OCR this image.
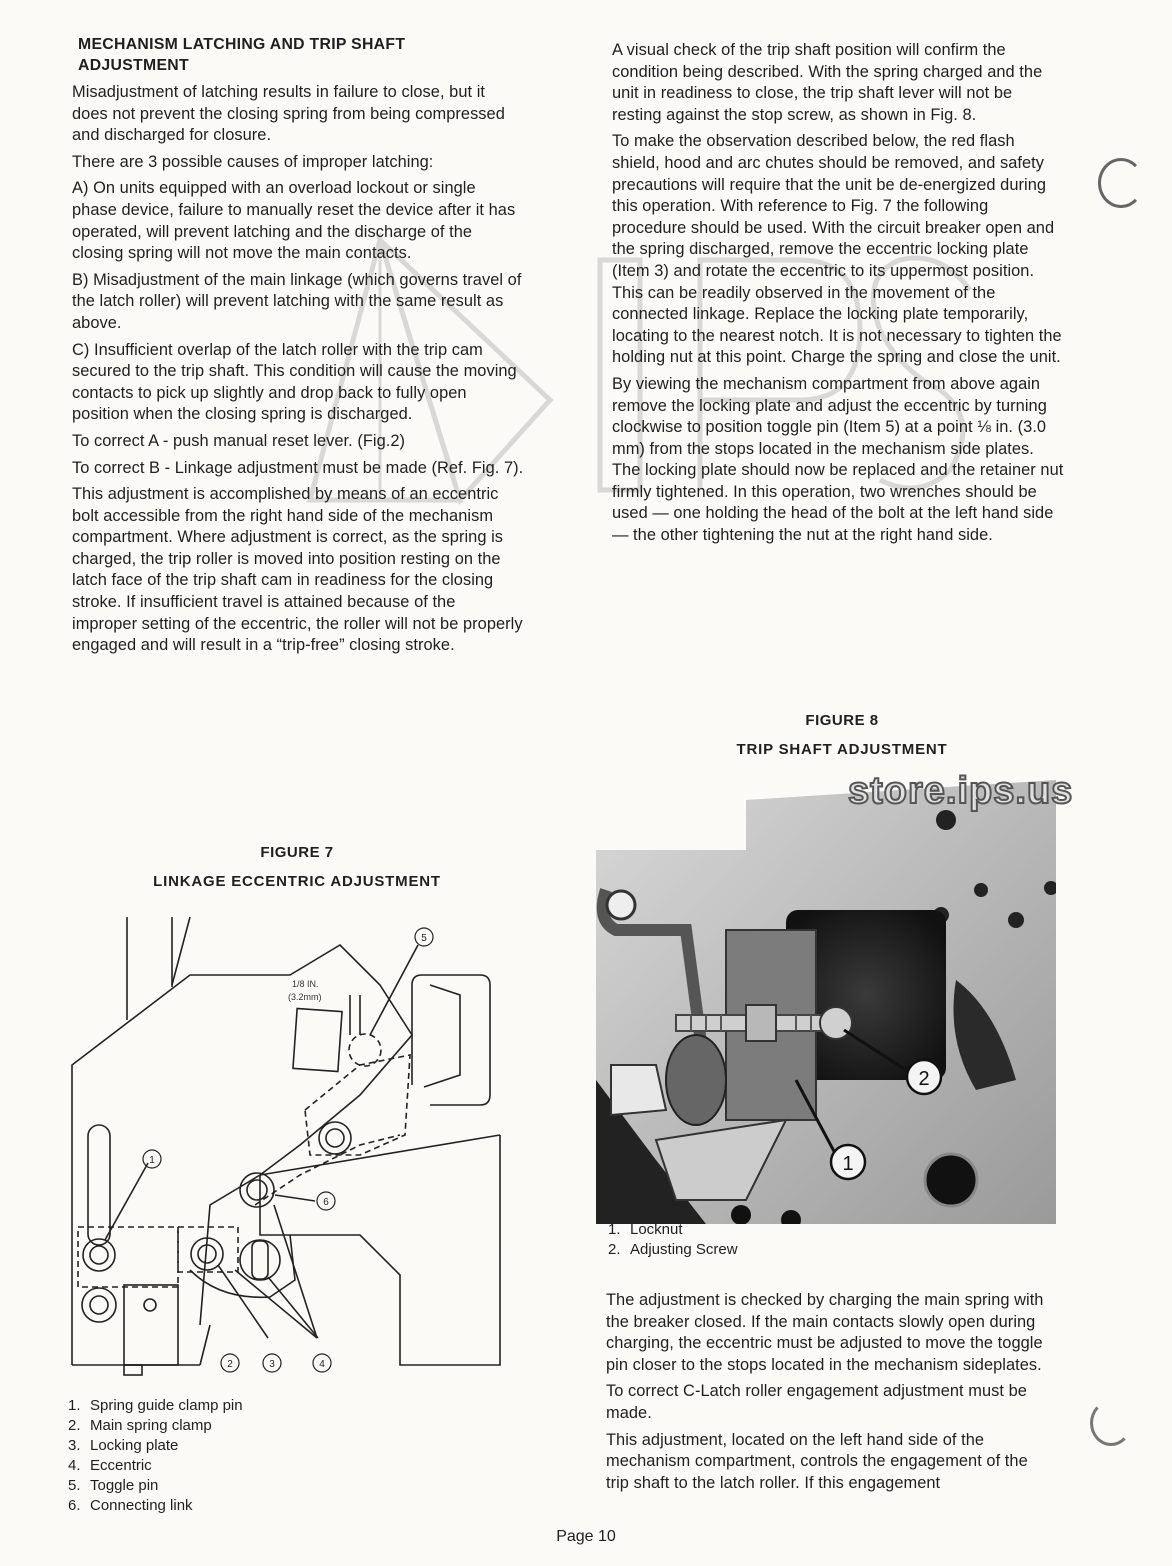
MECHANISM LATCHING AND TRIP SHAFT
ADJUSTMENT

Misadjustment of latching results in failure to close, but it does not prevent the closing spring from being compressed and discharged for closure.

There are 3 possible causes of improper latching:

A) On units equipped with an overload lockout or single phase device, failure to manually reset the device after it has operated, will prevent latching and the discharge of the closing spring will not move the main contacts.

B) Misadjustment of the main linkage (which governs travel of the latch roller) will prevent latching with the same result as above.

C) Insufficient overlap of the latch roller with the trip cam secured to the trip shaft. This condition will cause the moving contacts to pick up slightly and drop back to fully open position when the closing spring is discharged.

To correct A - push manual reset lever. (Fig.2)

To correct B - Linkage adjustment must be made (Ref. Fig. 7).

This adjustment is accomplished by means of an eccentric bolt accessible from the right hand side of the mechanism compartment. Where adjustment is correct, as the spring is charged, the trip roller is moved into position resting on the latch face of the trip shaft cam in readiness for the closing stroke. If insufficient travel is attained because of the improper setting of the eccentric, the roller will not be properly engaged and will result in a “trip-free” closing stroke.

A visual check of the trip shaft position will confirm the condition being described. With the spring charged and the unit in readiness to close, the trip shaft lever will not be resting against the stop screw, as shown in Fig. 8.

To make the observation described below, the red flash shield, hood and arc chutes should be removed, and safety precautions will require that the unit be de-energized during this operation. With reference to Fig. 7 the following procedure should be used. With the circuit breaker open and the spring discharged, remove the eccentric locking plate (Item 3) and rotate the eccentric to its uppermost position. This can be readily observed in the movement of the connected linkage. Replace the locking plate temporarily, locating to the nearest notch. It is not necessary to tighten the holding nut at this point. Charge the spring and close the unit.

By viewing the mechanism compartment from above again remove the locking plate and adjust the eccentric by turning clockwise to position toggle pin (Item 5) at a point ⅛ in. (3.0 mm) from the stops located in the mechanism side plates. The locking plate should now be replaced and the retainer nut firmly tightened. In this operation, two wrenches should be used — one holding the head of the bolt at the left hand side — the other tightening the nut at the right hand side.

FIGURE 7
LINKAGE ECCENTRIC ADJUSTMENT
1/8 IN.
(3.2mm)
5
1
6
2	3	4
1. Spring guide clamp pin
2. Main spring clamp
3. Locking plate
4. Eccentric
5. Toggle pin
6. Connecting link
FIGURE 8
TRIP SHAFT ADJUSTMENT
2
1
store.ips.us
1. Locknut
2. Adjusting Screw

The adjustment is checked by charging the main spring with the breaker closed. If the main contacts slowly open during charging, the eccentric must be adjusted to move the toggle pin closer to the stops located in the mechanism sideplates.

To correct C-Latch roller engagement adjustment must be made.

This adjustment, located on the left hand side of the mechanism compartment, controls the engagement of the trip shaft to the latch roller. If this engagement

Page 10
